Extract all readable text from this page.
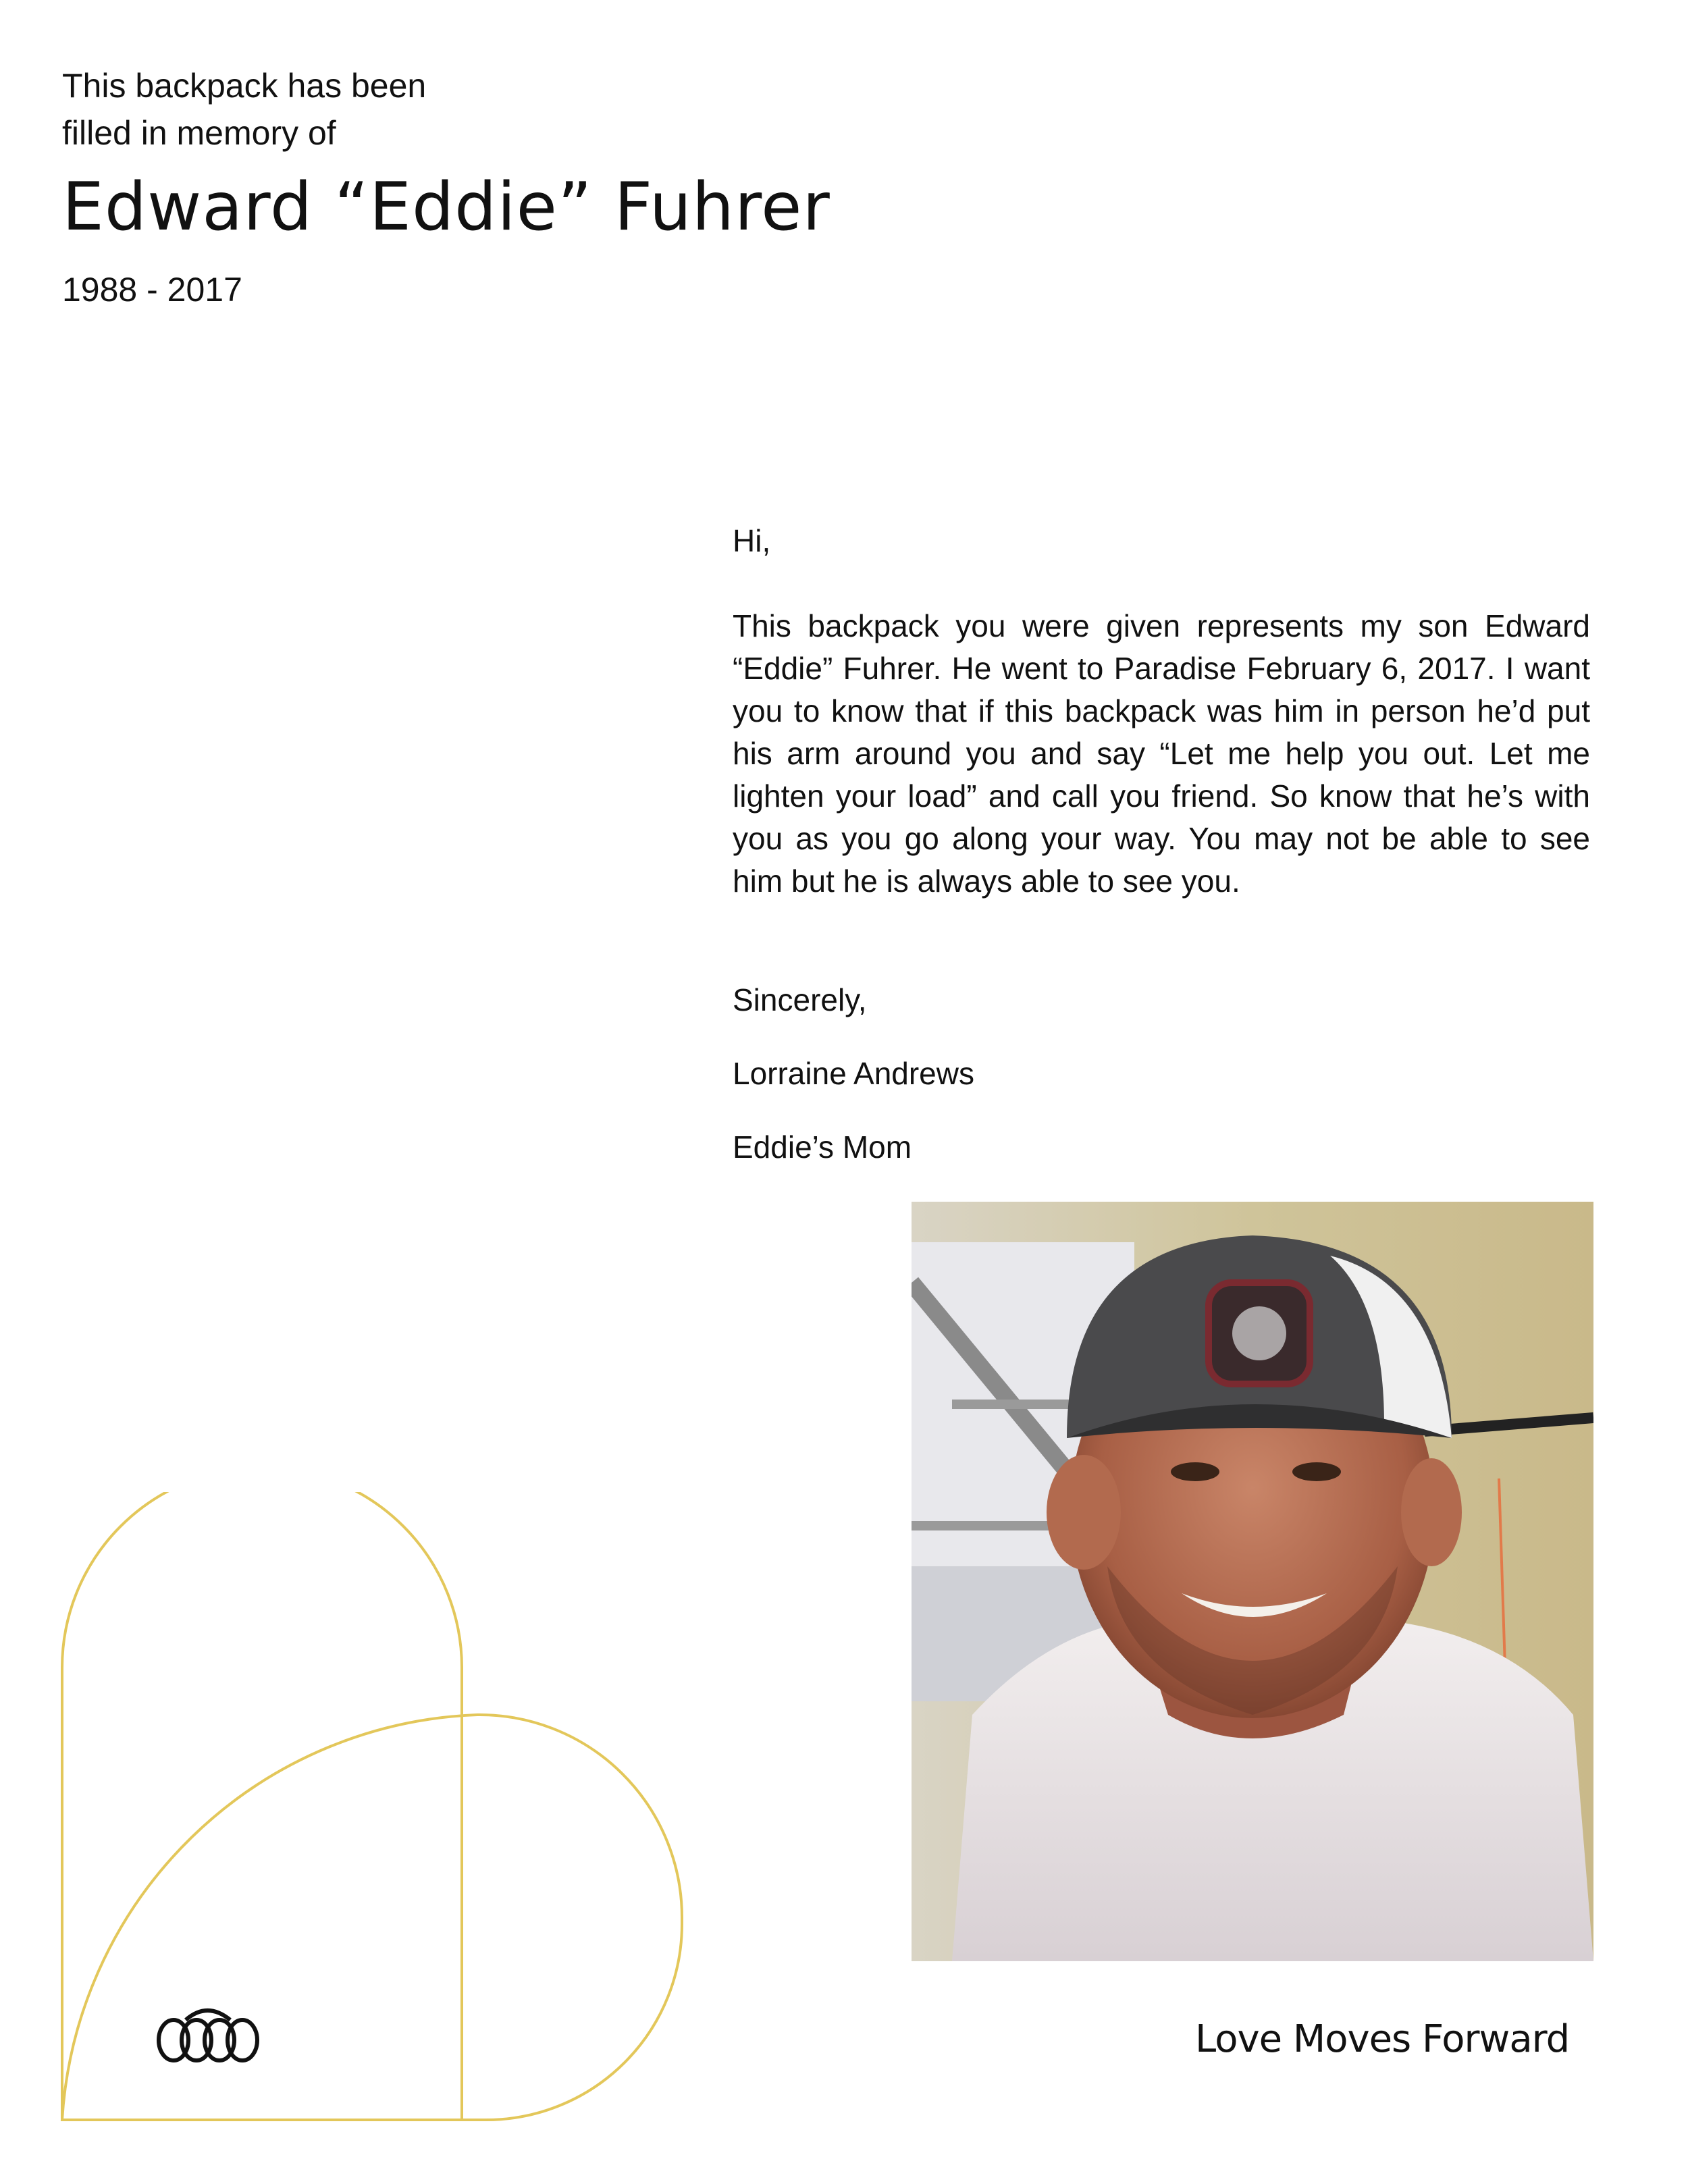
This backpack has been
filled in memory of
Edward “Eddie” Fuhrer
1988 - 2017

Hi,

This backpack you were given represents my son Edward “Eddie” Fuhrer. He went to Paradise February 6, 2017. I want you to know that if this backpack was him in person he’d put his arm around you and say “Let me help you out. Let me lighten your load” and call you friend. So know that he’s with you as you go along your way. You may not be able to see him but he is always able to see you.

Sincerely,

Lorraine Andrews

Eddie’s Mom

Love Moves Forward
